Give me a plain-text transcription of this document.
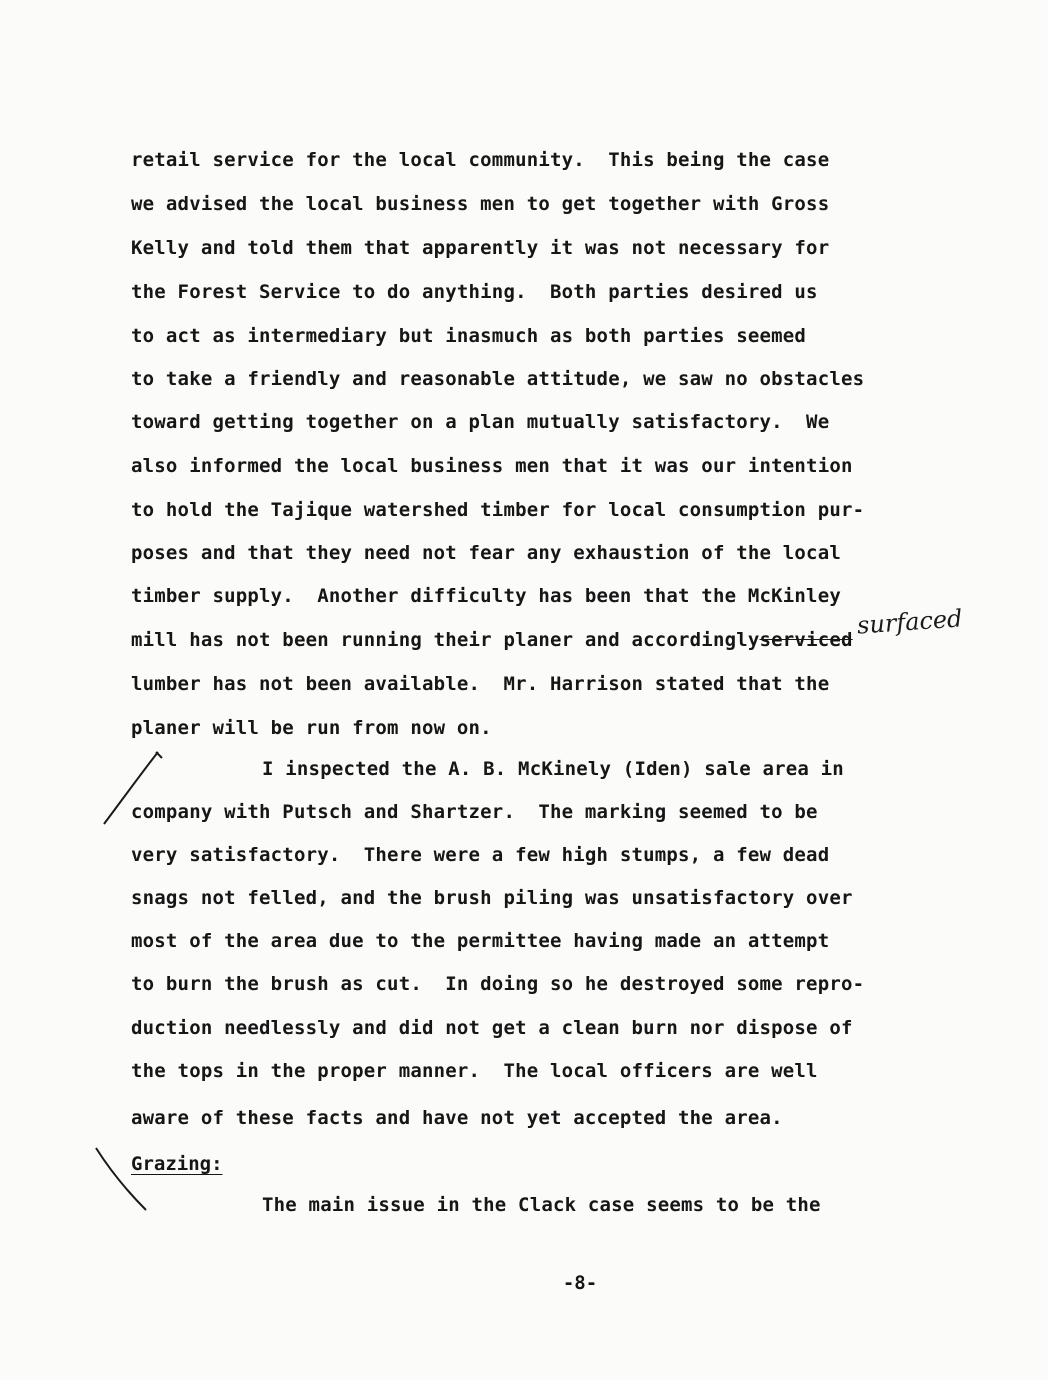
retail service for the local community.  This being the case
we advised the local business men to get together with Gross
Kelly and told them that apparently it was not necessary for
the Forest Service to do anything.  Both parties desired us
to act as intermediary but inasmuch as both parties seemed
to take a friendly and reasonable attitude, we saw no obstacles
toward getting together on a plan mutually satisfactory.  We
also informed the local business men that it was our intention
to hold the Tajique watershed timber for local consumption pur-
poses and that they need not fear any exhaustion of the local
timber supply.  Another difficulty has been that the McKinley
mill has not been running their planer and accordinglyserviced
surfaced
lumber has not been available.  Mr. Harrison stated that the
planer will be run from now on.
I inspected the A. B. McKinely (Iden) sale area in
company with Putsch and Shartzer.  The marking seemed to be
very satisfactory.  There were a few high stumps, a few dead
snags not felled, and the brush piling was unsatisfactory over
most of the area due to the permittee having made an attempt
to burn the brush as cut.  In doing so he destroyed some repro-
duction needlessly and did not get a clean burn nor dispose of
the tops in the proper manner.  The local officers are well
aware of these facts and have not yet accepted the area.
Grazing:
The main issue in the Clack case seems to be the
-8-
